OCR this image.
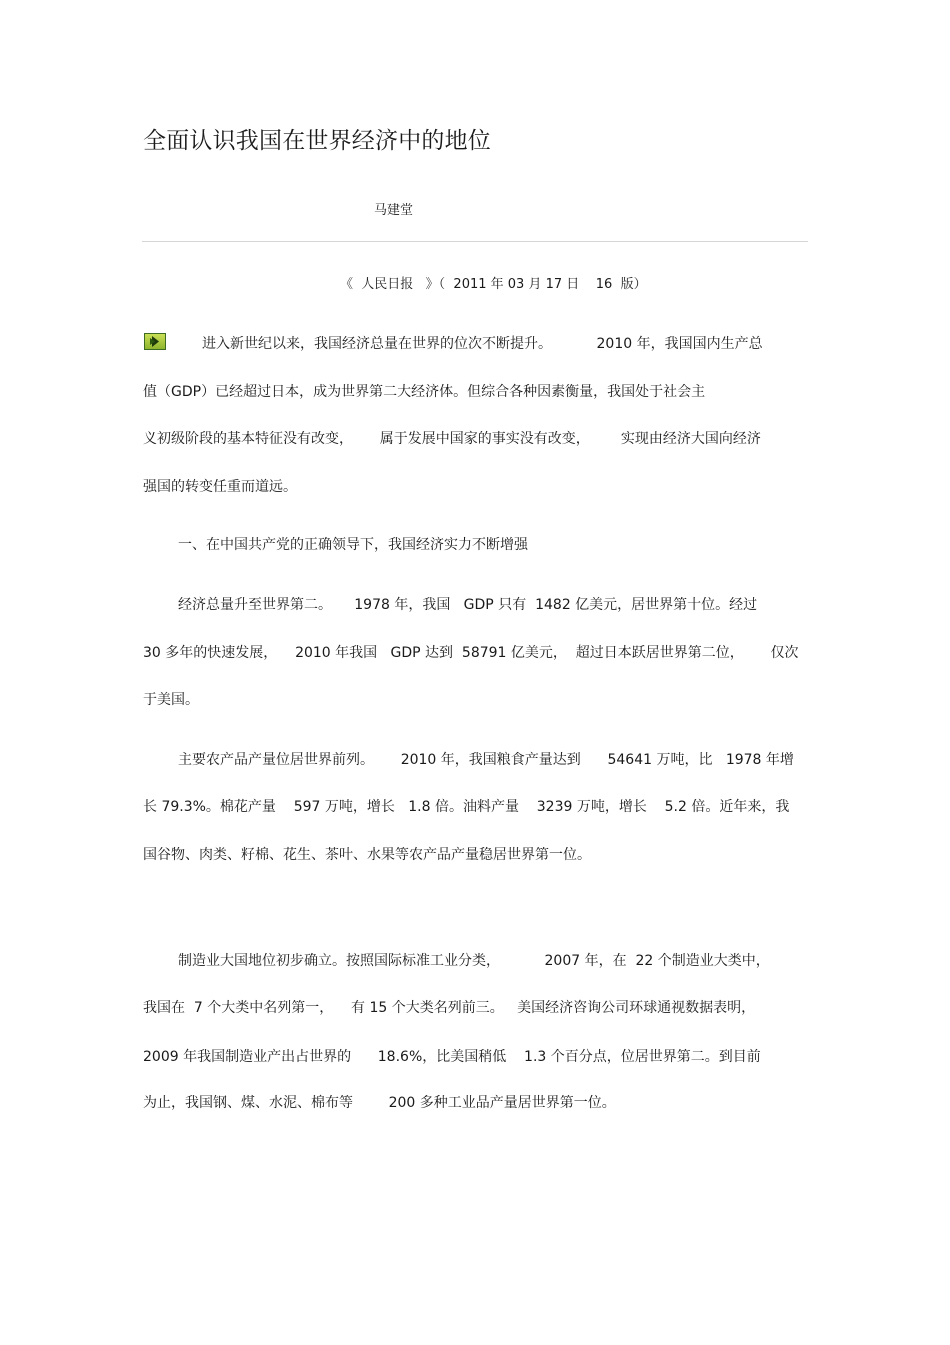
全面认识我国在世界经济中的地位
马建堂
《  人民日报   》（  2011 年 03 月 17 日    16  版）
进入新世纪以来，我国经济总量在世界的位次不断提升。          2010 年，我国国内生产总
值（GDP）已经超过日本，成为世界第二大经济体。但综合各种因素衡量，我国处于社会主
义初级阶段的基本特征没有改变，      属于发展中国家的事实没有改变，       实现由经济大国向经济
强国的转变任重而道远。
一、在中国共产党的正确领导下，我国经济实力不断增强
经济总量升至世界第二。     1978 年，我国   GDP 只有  1482 亿美元，居世界第十位。经过
30 多年的快速发展，    2010 年我国   GDP 达到  58791 亿美元，  超过日本跃居世界第二位，      仅次
于美国。
主要农产品产量位居世界前列。      2010 年，我国粮食产量达到      54641 万吨，比   1978 年增
长 79.3%。棉花产量    597 万吨，增长   1.8 倍。油料产量    3239 万吨，增长    5.2 倍。近年来，我
国谷物、肉类、籽棉、花生、茶叶、水果等农产品产量稳居世界第一位。
制造业大国地位初步确立。按照国际标准工业分类，          2007 年，在  22 个制造业大类中，
我国在  7 个大类中名列第一，    有 15 个大类名列前三。   美国经济咨询公司环球通视数据表明，
2009 年我国制造业产出占世界的      18.6%，比美国稍低    1.3 个百分点，位居世界第二。到目前
为止，我国钢、煤、水泥、棉布等        200 多种工业品产量居世界第一位。
